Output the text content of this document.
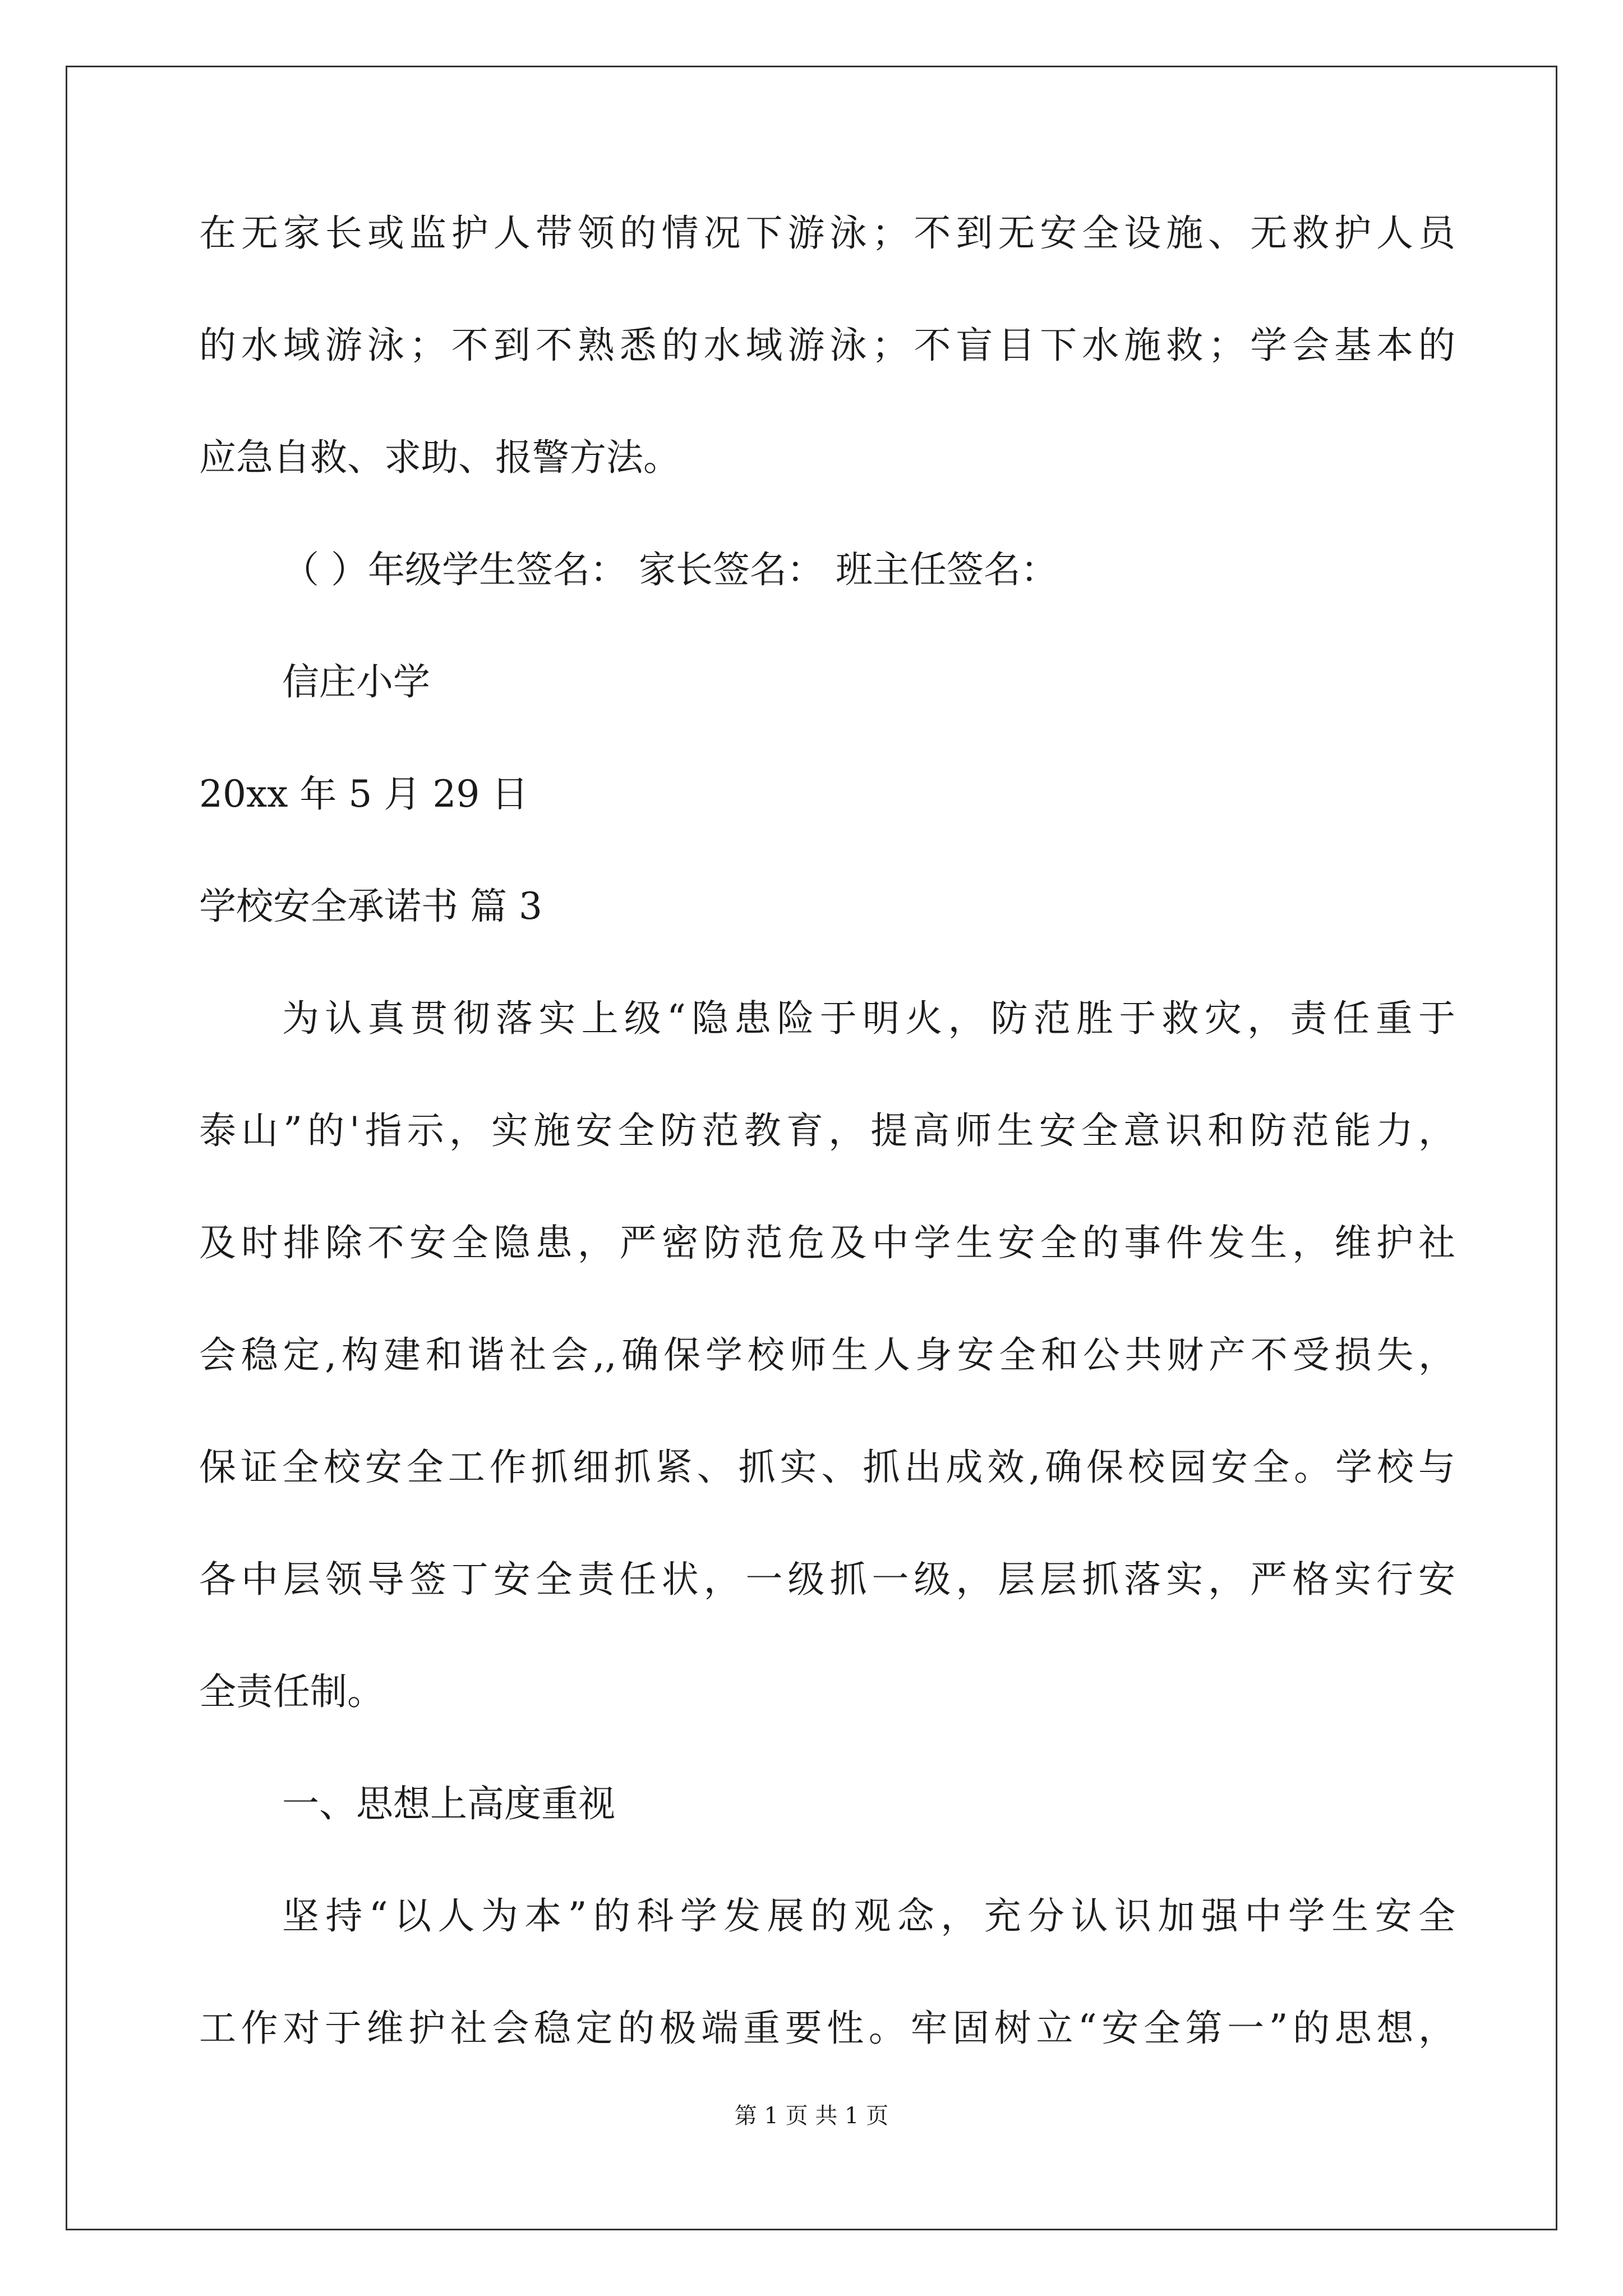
在无家长或监护人带领的情况下游泳；不到无安全设施、无救护人员

的水域游泳；不到不熟悉的水域游泳；不盲目下水施救；学会基本的

应急自救、求助、报警方法。

（ ）年级学生签名： 家长签名： 班主任签名：

信庄小学

20xx 年 5 月 29 日

学校安全承诺书 篇 3

为认真贯彻落实上级“隐患险于明火，防范胜于救灾，责任重于

泰山”的'指示，实施安全防范教育，提高师生安全意识和防范能力，

及时排除不安全隐患，严密防范危及中学生安全的事件发生，维护社

会稳定,构建和谐社会,,确保学校师生人身安全和公共财产不受损失，

保证全校安全工作抓细抓紧、抓实、抓出成效,确保校园安全。学校与

各中层领导签丁安全责任状，一级抓一级，层层抓落实，严格实行安

全责任制。

一、思想上高度重视

坚持“以人为本”的科学发展的观念，充分认识加强中学生安全

工作对于维护社会稳定的极端重要性。牢固树立“安全第一”的思想，

第 1 页 共 1 页
